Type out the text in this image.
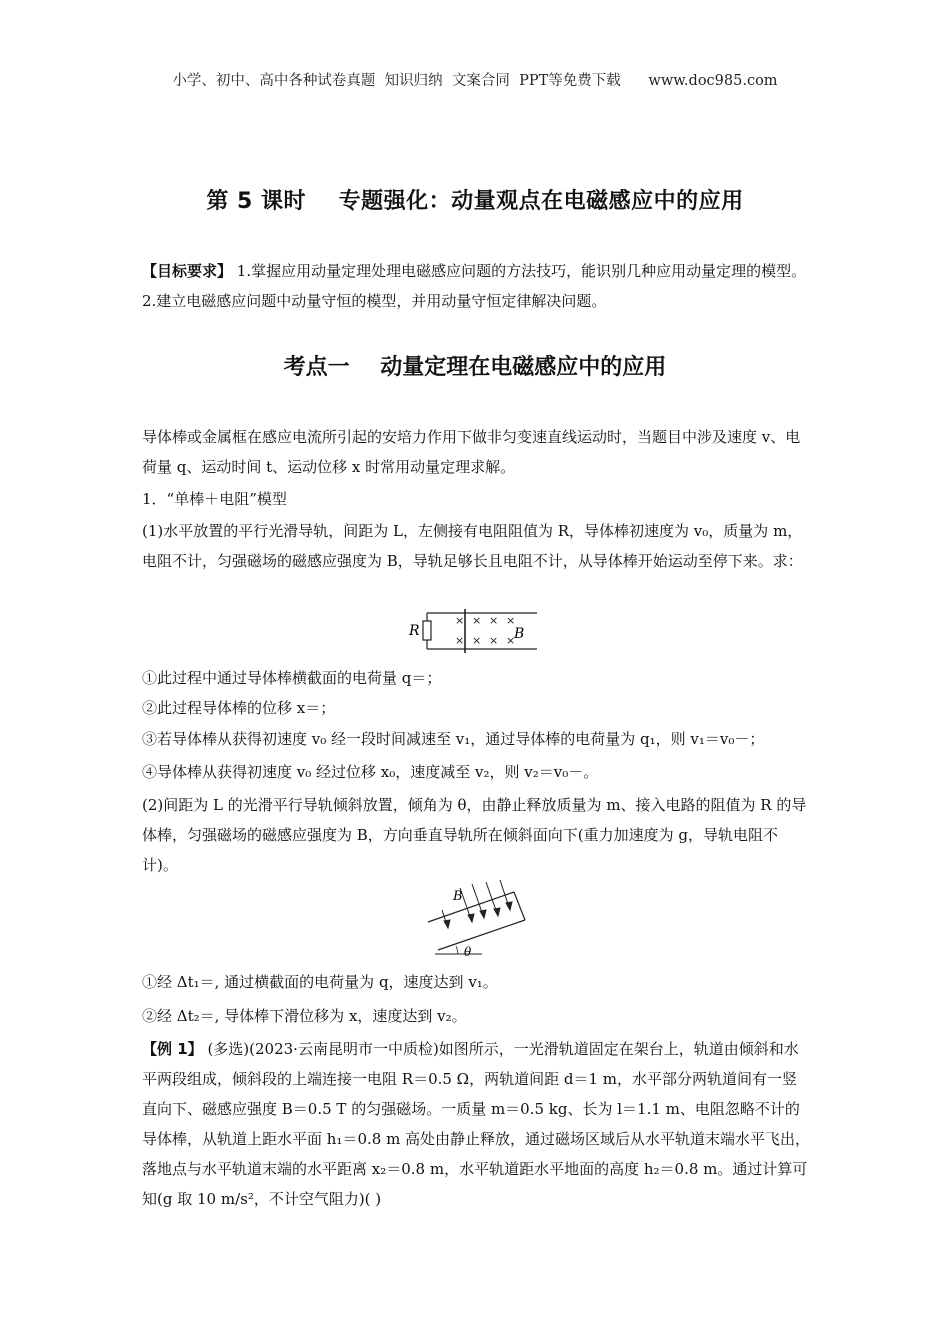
小学、初中、高中各种试卷真题  知识归纳  文案合同  PPT等免费下载      www.doc985.com
第 5 课时    专题强化：动量观点在电磁感应中的应用
【目标要求】 1.掌握应用动量定理处理电磁感应问题的方法技巧，能识别几种应用动量定理的模型。2.建立电磁感应问题中动量守恒的模型，并用动量守恒定律解决问题。
考点一    动量定理在电磁感应中的应用
导体棒或金属框在感应电流所引起的安培力作用下做非匀变速直线运动时，当题目中涉及速度 v、电荷量 q、运动时间 t、运动位移 x 时常用动量定理求解。
1．“单棒＋电阻”模型
(1)水平放置的平行光滑导轨，间距为 L，左侧接有电阻阻值为 R，导体棒初速度为 v₀，质量为 m，电阻不计，匀强磁场的磁感应强度为 B，导轨足够长且电阻不计，从导体棒开始运动至停下来。求：
R	B
× × × ×
× × × ×
①此过程中通过导体棒横截面的电荷量 q＝；
②此过程导体棒的位移 x＝；
③若导体棒从获得初速度 v₀ 经一段时间减速至 v₁，通过导体棒的电荷量为 q₁，则 v₁＝v₀－；
④导体棒从获得初速度 v₀ 经过位移 x₀，速度减至 v₂，则 v₂＝v₀－。
(2)间距为 L 的光滑平行导轨倾斜放置，倾角为 θ，由静止释放质量为 m、接入电路的阻值为 R 的导体棒，匀强磁场的磁感应强度为 B，方向垂直导轨所在倾斜面向下(重力加速度为 g，导轨电阻不计)。
B
θ
①经 Δt₁＝, 通过横截面的电荷量为 q，速度达到 v₁。
②经 Δt₂＝, 导体棒下滑位移为 x，速度达到 v₂。
【例 1】 (多选)(2023·云南昆明市一中质检)如图所示，一光滑轨道固定在架台上，轨道由倾斜和水平两段组成，倾斜段的上端连接一电阻 R＝0.5 Ω，两轨道间距 d＝1 m，水平部分两轨道间有一竖直向下、磁感应强度 B＝0.5 T 的匀强磁场。一质量 m＝0.5 kg、长为 l＝1.1 m、电阻忽略不计的导体棒，从轨道上距水平面 h₁＝0.8 m 高处由静止释放，通过磁场区域后从水平轨道末端水平飞出，落地点与水平轨道末端的水平距离 x₂＝0.8 m，水平轨道距水平地面的高度 h₂＝0.8 m。通过计算可知(g 取 10 m/s²，不计空气阻力)( )
